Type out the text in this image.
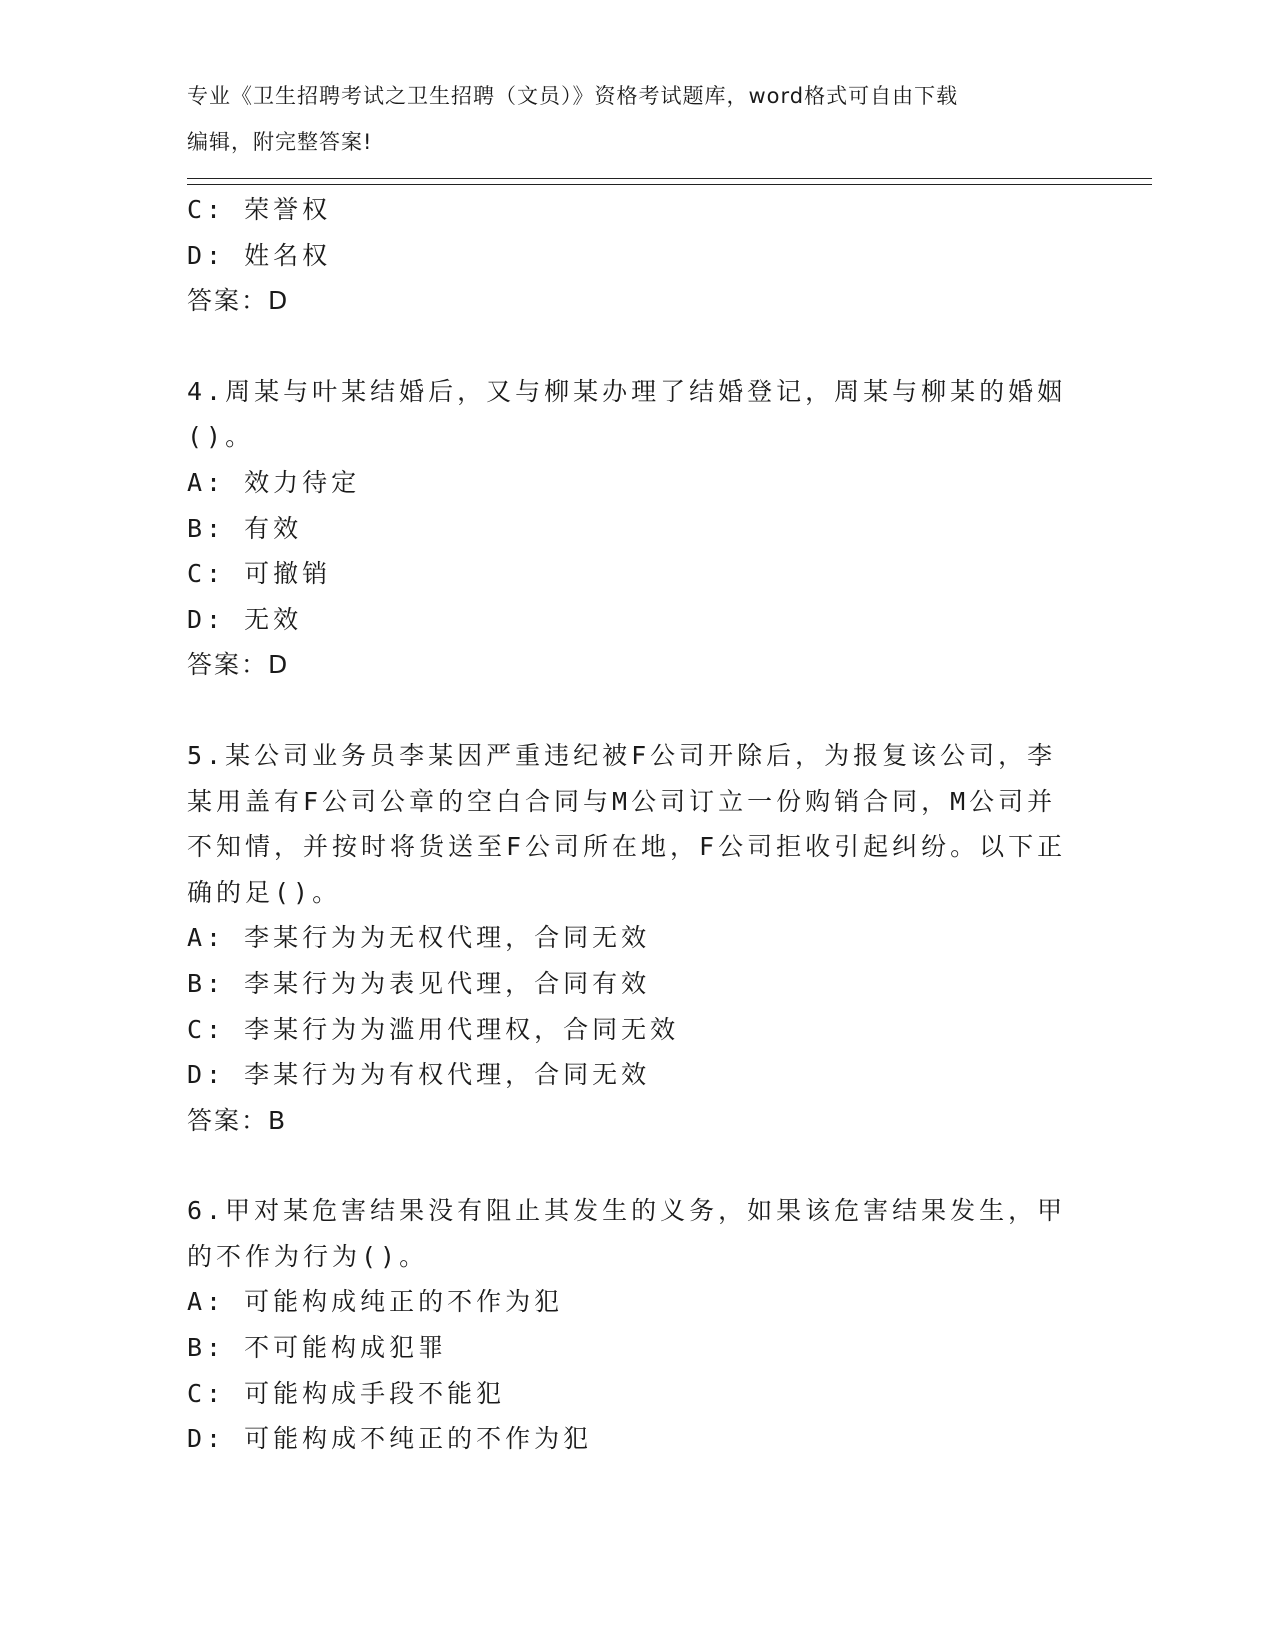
专业《卫生招聘考试之卫生招聘（文员）》资格考试题库，word格式可自由下载
编辑，附完整答案!
C: 荣誉权
D: 姓名权
答案：D
4.周某与叶某结婚后，又与柳某办理了结婚登记，周某与柳某的婚姻
()。
A: 效力待定
B: 有效
C: 可撤销
D: 无效
答案：D
5.某公司业务员李某因严重违纪被F公司开除后，为报复该公司，李
某用盖有F公司公章的空白合同与M公司订立一份购销合同，M公司并
不知情，并按时将货送至F公司所在地，F公司拒收引起纠纷。以下正
确的足()。
A: 李某行为为无权代理，合同无效
B: 李某行为为表见代理，合同有效
C: 李某行为为滥用代理权，合同无效
D: 李某行为为有权代理，合同无效
答案：B
6.甲对某危害结果没有阻止其发生的义务，如果该危害结果发生，甲
的不作为行为()。
A: 可能构成纯正的不作为犯
B: 不可能构成犯罪
C: 可能构成手段不能犯
D: 可能构成不纯正的不作为犯
